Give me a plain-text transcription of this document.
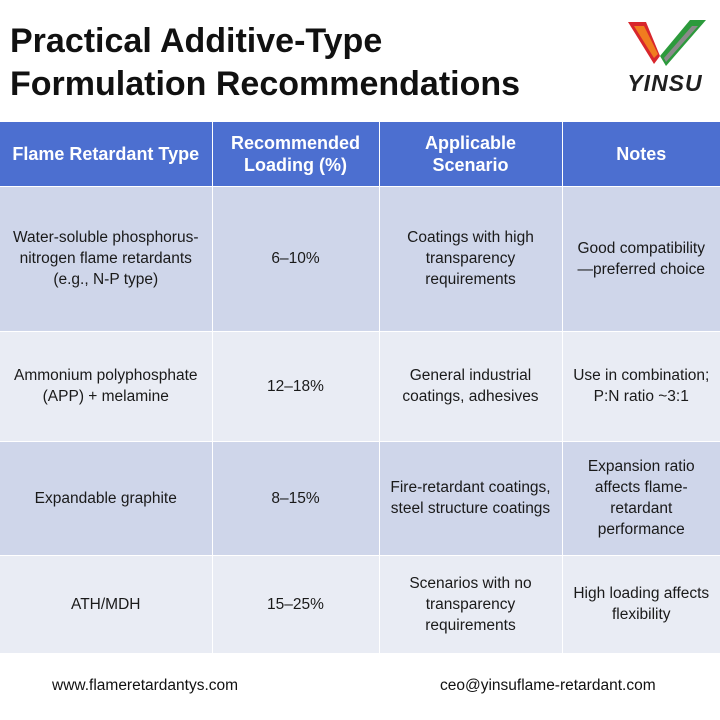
Practical Additive-Type
Formulation Recommendations	YINSU
Flame Retardant Type	Recommended Loading (%)	Applicable Scenario	Notes
Water-soluble phosphorus-nitrogen flame retardants (e.g., N-P type)	6–10%	Coatings with high transparency requirements	Good compatibility—preferred choice
Ammonium polyphosphate (APP) + melamine	12–18%	General industrial coatings, adhesives	Use in combination; P:N ratio ~3:1
Expandable graphite	8–15%	Fire-retardant coatings, steel structure coatings	Expansion ratio affects flame-retardant performance
ATH/MDH	15–25%	Scenarios with no transparency requirements	High loading affects flexibility
www.flameretardantys.com	ceo@yinsuflame-retardant.com
